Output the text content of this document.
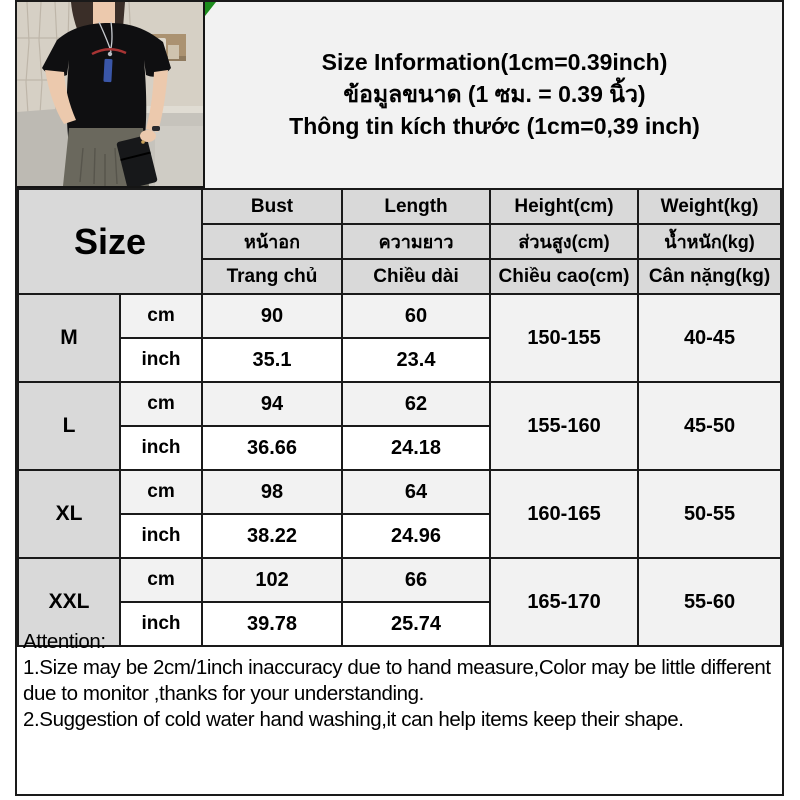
Size Information(1cm=0.39inch)
ข้อมูลขนาด (1 ซม. = 0.39 นิ้ว)
Thông tin kích thước (1cm=0,39 inch)
Size		Bust	Length	Height(cm)	Weight(kg)
		หน้าอก	ความยาว	ส่วนสูง(cm)	น้ำหนัก(kg)
		Trang chủ	Chiều dài	Chiều cao(cm)	Cân nặng(kg)
M	cm	90	60	150-155	40-45
	inch	35.1	23.4		
L	cm	94	62	155-160	45-50
	inch	36.66	24.18		
XL	cm	98	64	160-165	50-55
	inch	38.22	24.96		
XXL	cm	102	66	165-170	55-60
	inch	39.78	25.74		
Attention:
1.Size may be 2cm/1inch inaccuracy due to hand measure,Color may be little different due to monitor ,thanks for your understanding.
2.Suggestion of cold water hand washing,it can help items keep their shape.
